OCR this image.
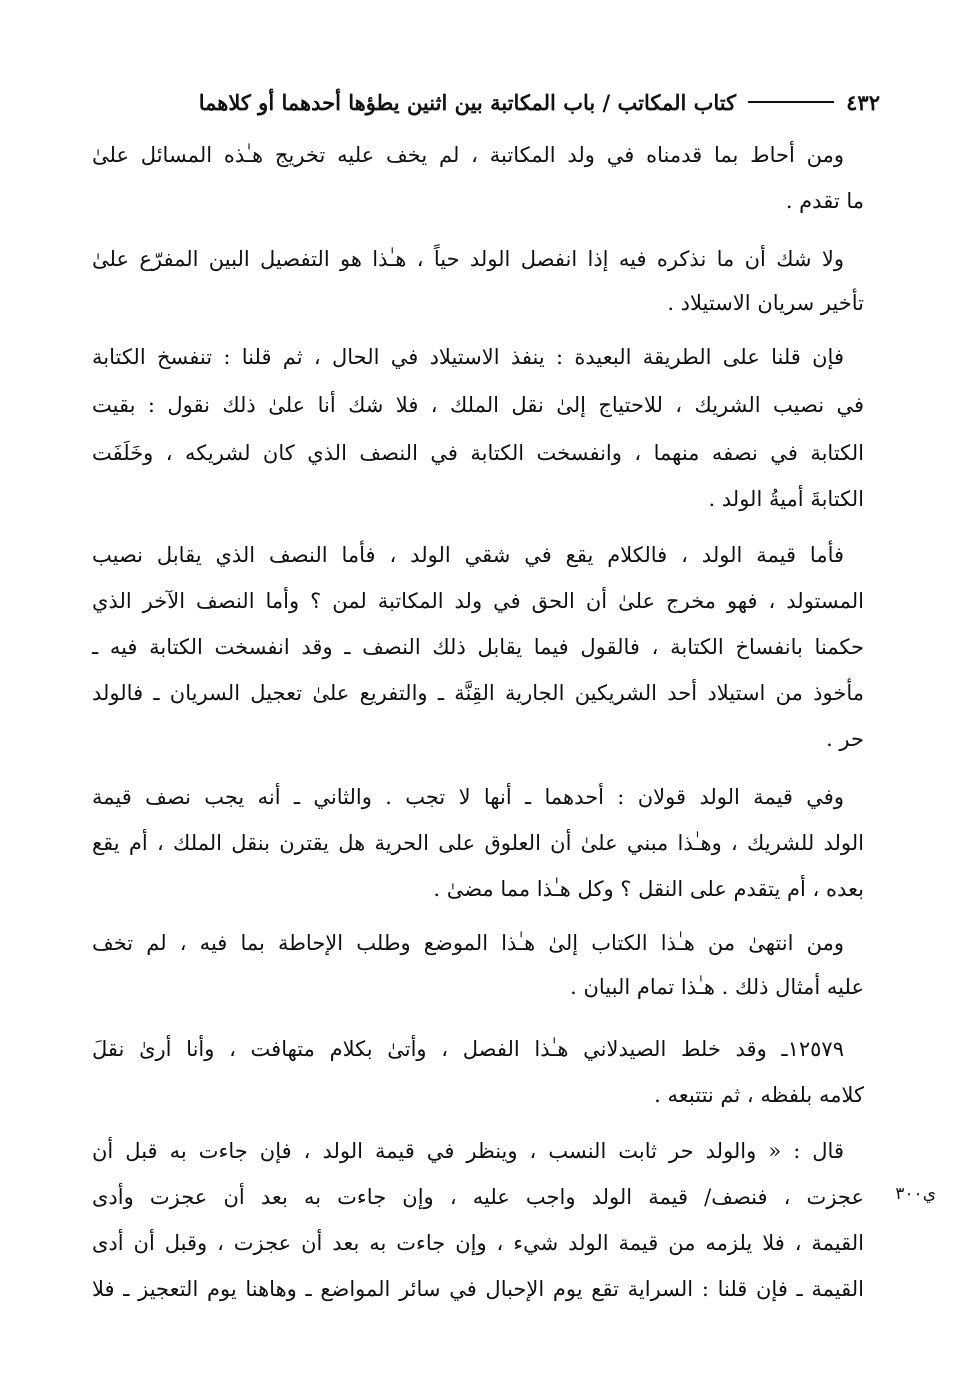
٤٣٢
كتاب المكاتب / باب المكاتبة بين اثنين يطؤها أحدهما أو كلاهما
ومن أحاط بما قدمناه في ولد المكاتبة ، لم يخف عليه تخريج هـٰذه المسائل علىٰ
ما تقدم .
ولا شك أن ما نذكره فيه إذا انفصل الولد حياً ، هـٰذا هو التفصيل البين المفرّع علىٰ
تأخير سريان الاستيلاد .
فإن قلنا على الطريقة البعيدة : ينفذ الاستيلاد في الحال ، ثم قلنا : تنفسخ الكتابة
في نصيب الشريك ، للاحتياج إلىٰ نقل الملك ، فلا شك أنا علىٰ ذلك نقول : بقيت
الكتابة في نصفه منهما ، وانفسخت الكتابة في النصف الذي كان لشريكه ، وخَلَفَت
الكتابةَ أميةُ الولد .
فأما قيمة الولد ، فالكلام يقع في شقي الولد ، فأما النصف الذي يقابل نصيب
المستولد ، فهو مخرج علىٰ أن الحق في ولد المكاتبة لمن ؟ وأما النصف الآخر الذي
حكمنا بانفساخ الكتابة ، فالقول فيما يقابل ذلك النصف ـ وقد انفسخت الكتابة فيه ـ
مأخوذ من استيلاد أحد الشريكين الجارية القِنَّة ـ والتفريع علىٰ تعجيل السريان ـ فالولد
حر .
وفي قيمة الولد قولان : أحدهما ـ أنها لا تجب . والثاني ـ أنه يجب نصف قيمة
الولد للشريك ، وهـٰذا مبني علىٰ أن العلوق على الحرية هل يقترن بنقل الملك ، أم يقع
بعده ، أم يتقدم على النقل ؟ وكل هـٰذا مما مضىٰ .
ومن انتهىٰ من هـٰذا الكتاب إلىٰ هـٰذا الموضع وطلب الإحاطة بما فيه ، لم تخف
عليه أمثال ذلك . هـٰذا تمام البيان .
١٢٥٧٩ـ وقد خلط الصيدلاني هـٰذا الفصل ، وأتىٰ بكلام متهافت ، وأنا أرىٰ نقلَ
كلامه بلفظه ، ثم نتتبعه .
قال : « والولد حر ثابت النسب ، وينظر في قيمة الولد ، فإن جاءت به قبل أن
عجزت ، فنصف/ قيمة الولد واجب عليه ، وإن جاءت به بعد أن عجزت وأدى
القيمة ، فلا يلزمه من قيمة الولد شيء ، وإن جاءت به بعد أن عجزت ، وقبل أن أدى
القيمة ـ فإن قلنا : السراية تقع يوم الإحبال في سائر المواضع ـ وهاهنا يوم التعجيز ـ فلا
ي٣٠٠
